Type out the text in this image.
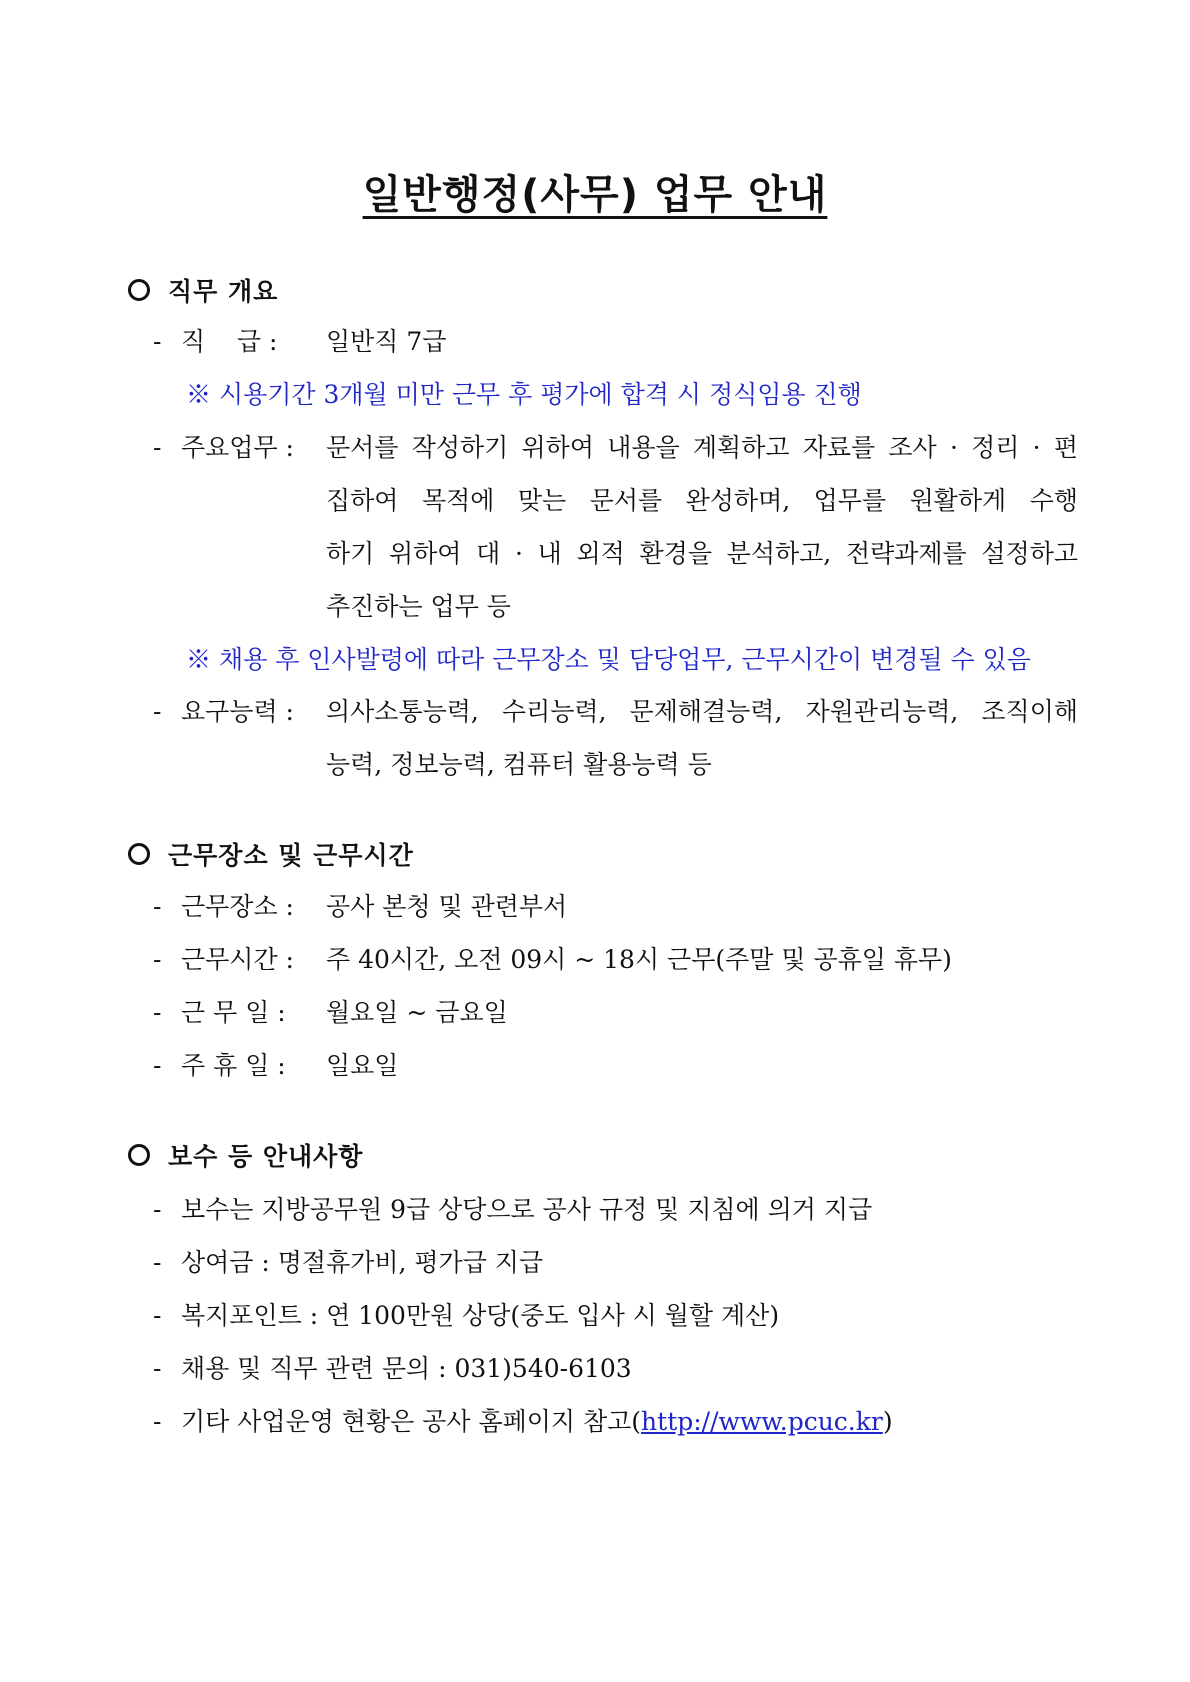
일반행정(사무) 업무 안내
직무 개요
- 직    급 : 일반직 7급
※ 시용기간 3개월 미만 근무 후 평가에 합격 시 정식임용 진행
- 주요업무 : 문서를 작성하기 위하여 내용을 계획하고 자료를 조사 · 정리 · 편
집하여 목적에 맞는 문서를 완성하며, 업무를 원활하게 수행
하기 위하여 대 · 내 외적 환경을 분석하고, 전략과제를 설정하고
추진하는 업무 등
※ 채용 후 인사발령에 따라 근무장소 및 담당업무, 근무시간이 변경될 수 있음
- 요구능력 : 의사소통능력, 수리능력, 문제해결능력, 자원관리능력, 조직이해
능력, 정보능력, 컴퓨터 활용능력 등
근무장소 및 근무시간
- 근무장소 : 공사 본청 및 관련부서
- 근무시간 : 주 40시간, 오전 09시 ~ 18시 근무(주말 및 공휴일 휴무)
- 근 무 일 : 월요일 ~ 금요일
- 주 휴 일 : 일요일
보수 등 안내사항
- 보수는 지방공무원 9급 상당으로 공사 규정 및 지침에 의거 지급
- 상여금 : 명절휴가비, 평가급 지급
- 복지포인트 : 연 100만원 상당(중도 입사 시 월할 계산)
- 채용 및 직무 관련 문의 : 031)540-6103
- 기타 사업운영 현황은 공사 홈페이지 참고(http://www.pcuc.kr)
